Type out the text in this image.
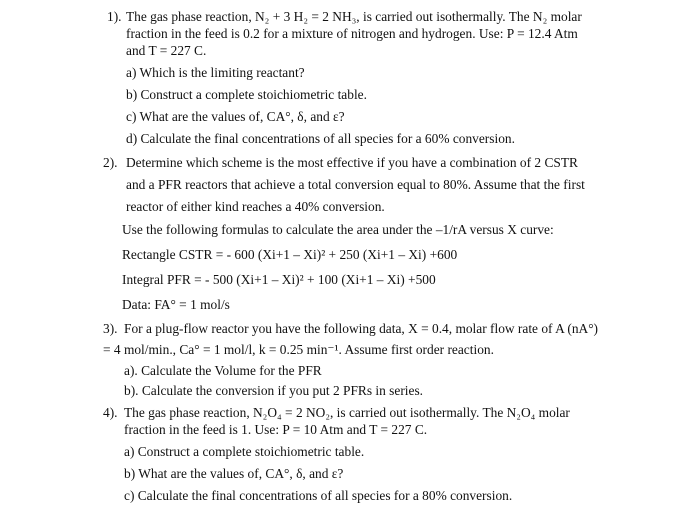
1). The gas phase reaction, N₂ + 3 H₂ = 2 NH₃, is carried out isothermally. The N₂ molar
fraction in the feed is 0.2 for a mixture of nitrogen and hydrogen. Use: P = 12.4 Atm
and T = 227 C.
a) Which is the limiting reactant?
b) Construct a complete stoichiometric table.
c) What are the values of, CA°, δ, and ε?
d) Calculate the final concentrations of all species for a 60% conversion.
2). Determine which scheme is the most effective if you have a combination of 2 CSTR
and a PFR reactors that achieve a total conversion equal to 80%. Assume that the first
reactor of either kind reaches a 40% conversion.
Use the following formulas to calculate the area under the –1/rA versus X curve:
Rectangle CSTR = - 600 (Xi+1 – Xi)² + 250 (Xi+1 – Xi) +600
Integral PFR = - 500 (Xi+1 – Xi)² + 100 (Xi+1 – Xi) +500
Data: FA° = 1 mol/s
3). For a plug-flow reactor you have the following data, X = 0.4, molar flow rate of A (nA°)
= 4 mol/min., Ca° = 1 mol/l, k = 0.25 min⁻¹. Assume first order reaction.
a). Calculate the Volume for the PFR
b). Calculate the conversion if you put 2 PFRs in series.
4). The gas phase reaction, N₂O₄ = 2 NO₂, is carried out isothermally. The N₂O₄ molar
fraction in the feed is 1. Use: P = 10 Atm and T = 227 C.
a) Construct a complete stoichiometric table.
b) What are the values of, CA°, δ, and ε?
c) Calculate the final concentrations of all species for a 80% conversion.
